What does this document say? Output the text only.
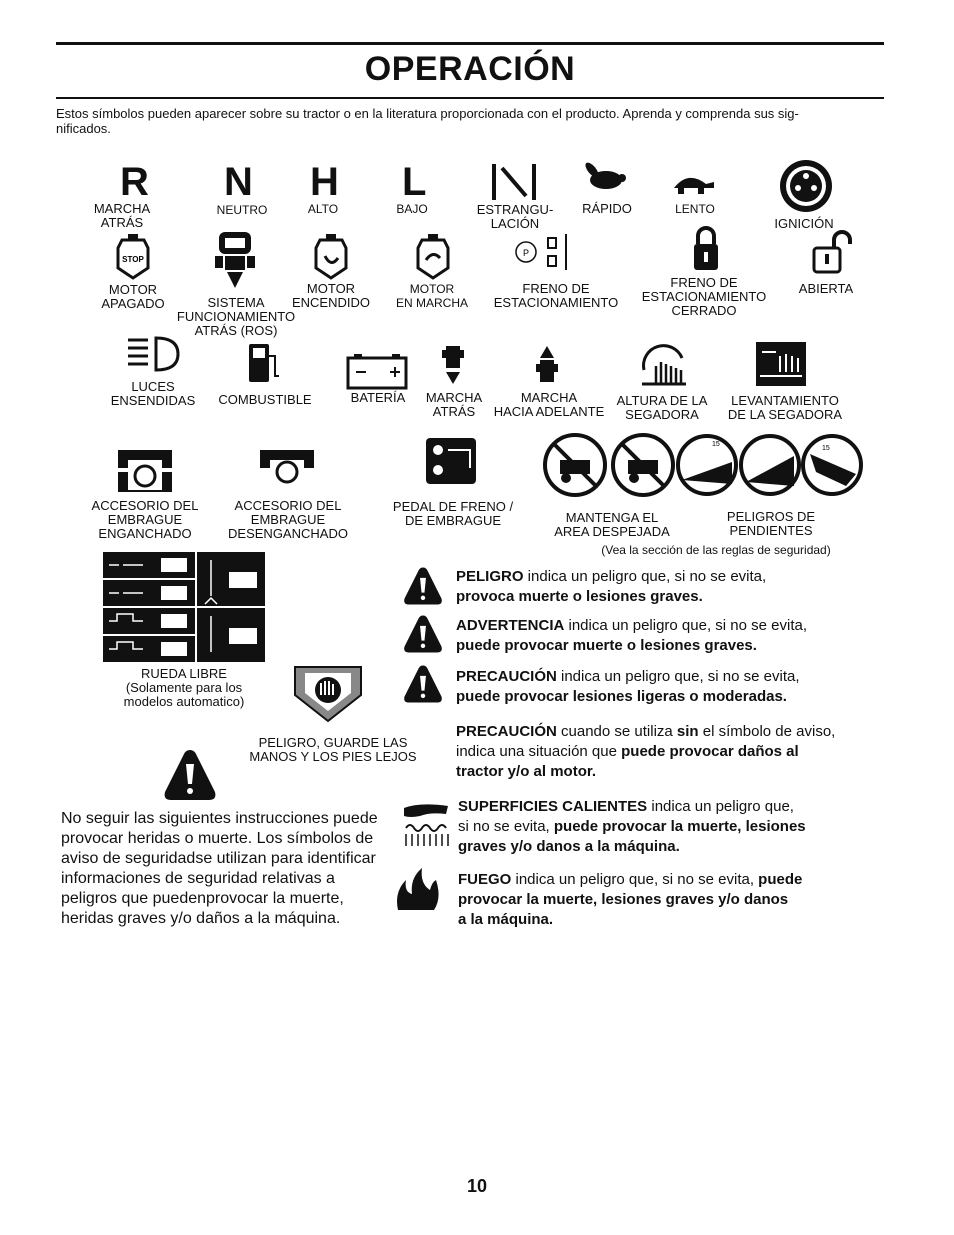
OPERACIÓN
Estos símbolos pueden aparecer sobre su tractor o en la literatura proporcionada con el producto. Aprenda y comprenda sus sig-
nificados.
R N H L
MARCHA ATRÁS
NEUTRO	ALTO	BAJO	ESTRANGU-
LACIÓN
RÁPIDO	LENTO
IGNICIÓN
STOP
P
MOTOR
APAGADO	SISTEMA
FUNCIONAMIENTO
ATRÁS (ROS)
MOTOR
ENCENDIDO
MOTOR
EN MARCHA
FRENO DE
ESTACIONAMIENTO
FRENO DE
ESTACIONAMIENTO
CERRADO
ABIERTA
LUCES
ENSENDIDAS	COMBUSTIBLE	BATERÍA	MARCHA
ATRÁS
MARCHA
HACIA ADELANTE
ALTURA DE LA
SEGADORA
LEVANTAMIENTO
DE LA SEGADORA
15
15
ACCESORIO DEL
EMBRAGUE
ENGANCHADO
ACCESORIO DEL
EMBRAGUE
DESENGANCHADO
PEDAL DE FRENO /
DE EMBRAGUE	MANTENGA EL
AREA DESPEJADA
PELIGROS DE
PENDIENTES
(Vea la sección de las reglas de seguridad)
RUEDA LIBRE
(Solamente para los
modelos automatico)
PELIGRO, GUARDE LAS
MANOS Y LOS PIES LEJOS
No seguir las siguientes instrucciones puede provocar heridas o muerte. Los símbolos de aviso de seguridadse utilizan para identificar informaciones de seguridad relativas a peligros que puedenprovocar la muerte, heridas graves y/o daños a la máquina.
PELIGRO indica un peligro que, si no se evita,
provoca muerte o lesiones graves.
ADVERTENCIA indica un peligro que, si no se evita,
puede provocar muerte o lesiones graves.
PRECAUCIÓN indica un peligro que, si no se evita,
puede provocar lesiones ligeras o moderadas.
PRECAUCIÓN cuando se utiliza sin el símbolo de aviso,
indica una situación que puede provocar daños al
tractor y/o al motor.
SUPERFICIES CALIENTES indica un peligro que,
si no se evita, puede provocar la muerte, lesiones
graves y/o danos a la máquina.
FUEGO indica un peligro que, si no se evita, puede
provocar la muerte, lesiones graves y/o danos
a la máquina.
10
